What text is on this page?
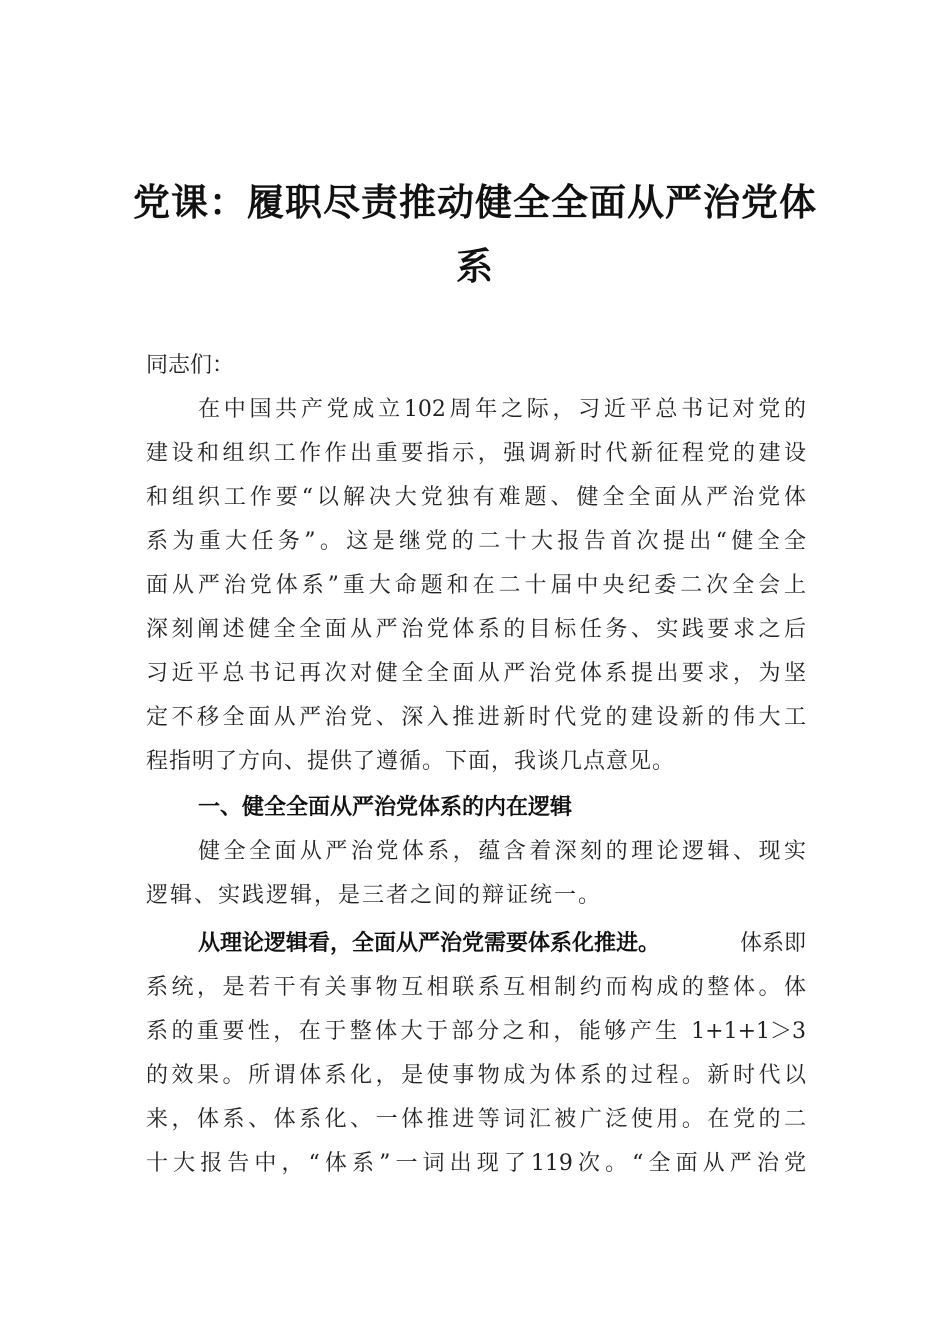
党课：履职尽责推动健全全面从严治党体
系
同志们：
在中国共产党成立102周年之际，习近平总书记对党的
建设和组织工作作出重要指示，强调新时代新征程党的建设
和组织工作要“以解决大党独有难题、健全全面从严治党体
系为重大任务”。这是继党的二十大报告首次提出“健全全
面从严治党体系”重大命题和在二十届中央纪委二次全会上
深刻阐述健全全面从严治党体系的目标任务、实践要求之后
习近平总书记再次对健全全面从严治党体系提出要求，为坚
定不移全面从严治党、深入推进新时代党的建设新的伟大工
程指明了方向、提供了遵循。下面，我谈几点意见。
一、健全全面从严治党体系的内在逻辑
健全全面从严治党体系，蕴含着深刻的理论逻辑、现实
逻辑、实践逻辑，是三者之间的辩证统一。
从理论逻辑看，全面从严治党需要体系化推进。	体系即
系统，是若干有关事物互相联系互相制约而构成的整体。体
系的重要性，在于整体大于部分之和，能够产生 1+1+1＞3
的效果。所谓体系化，是使事物成为体系的过程。新时代以
来，体系、体系化、一体推进等词汇被广泛使用。在党的二
十大报告中，“体系”一词出现了119次。“全面从严治党
